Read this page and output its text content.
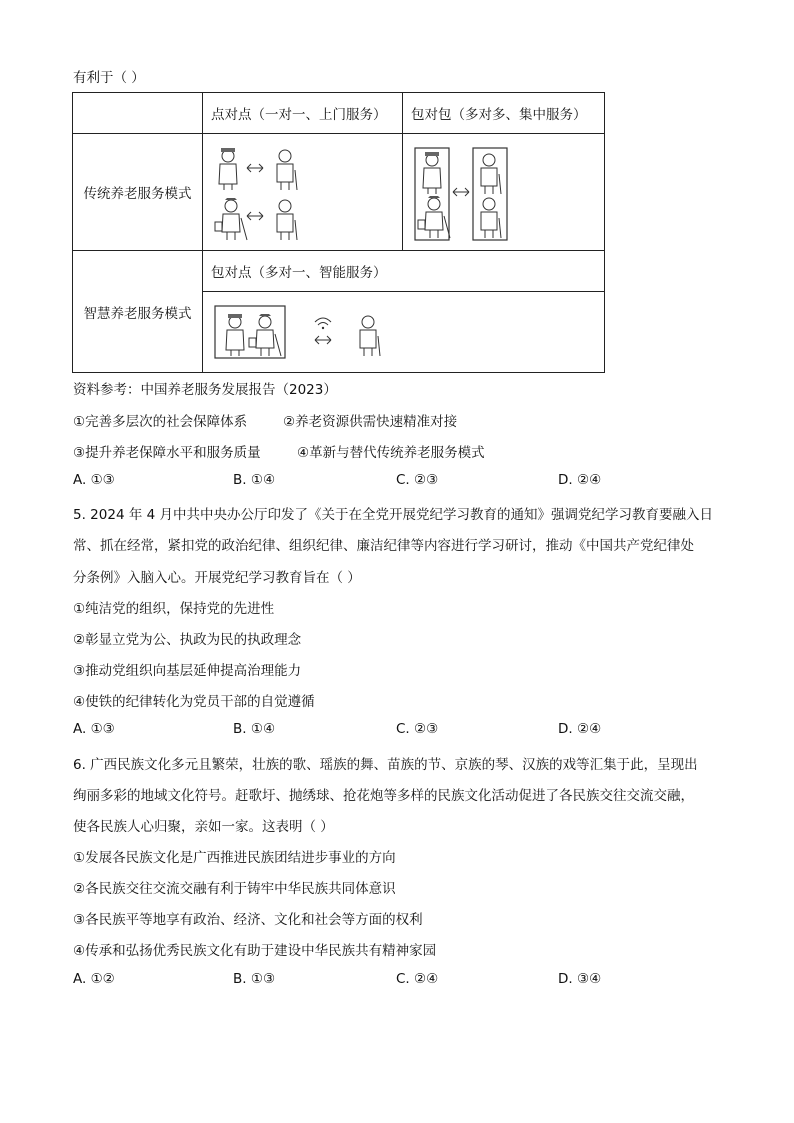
有利于（ ）
	点对点（一对一、上门服务）	包对包（多对多、集中服务）
传统养老服务模式	

智慧养老服务模式	包对点（多对一、智能服务）	

资料参考：中国养老服务发展报告（2023）
①完善多层次的社会保障体系	②养老资源供需快速精准对接
③提升养老保障水平和服务质量	④革新与替代传统养老服务模式
A. ①③	B. ①④	C. ②③	D. ②④
5. 2024 年 4 月中共中央办公厅印发了《关于在全党开展党纪学习教育的通知》强调党纪学习教育要融入日
常、抓在经常，紧扣党的政治纪律、组织纪律、廉洁纪律等内容进行学习研讨，推动《中国共产党纪律处
分条例》入脑入心。开展党纪学习教育旨在（ ）
①纯洁党的组织，保持党的先进性
②彰显立党为公、执政为民的执政理念
③推动党组织向基层延伸提高治理能力
④使铁的纪律转化为党员干部的自觉遵循
A. ①③	B. ①④	C. ②③	D. ②④
6. 广西民族文化多元且繁荣，壮族的歌、瑶族的舞、苗族的节、京族的琴、汉族的戏等汇集于此，呈现出
绚丽多彩的地域文化符号。赶歌圩、抛绣球、抢花炮等多样的民族文化活动促进了各民族交往交流交融，
使各民族人心归聚，亲如一家。这表明（ ）
①发展各民族文化是广西推进民族团结进步事业的方向
②各民族交往交流交融有利于铸牢中华民族共同体意识
③各民族平等地享有政治、经济、文化和社会等方面的权利
④传承和弘扬优秀民族文化有助于建设中华民族共有精神家园
A. ①②	B. ①③	C. ②④	D. ③④
